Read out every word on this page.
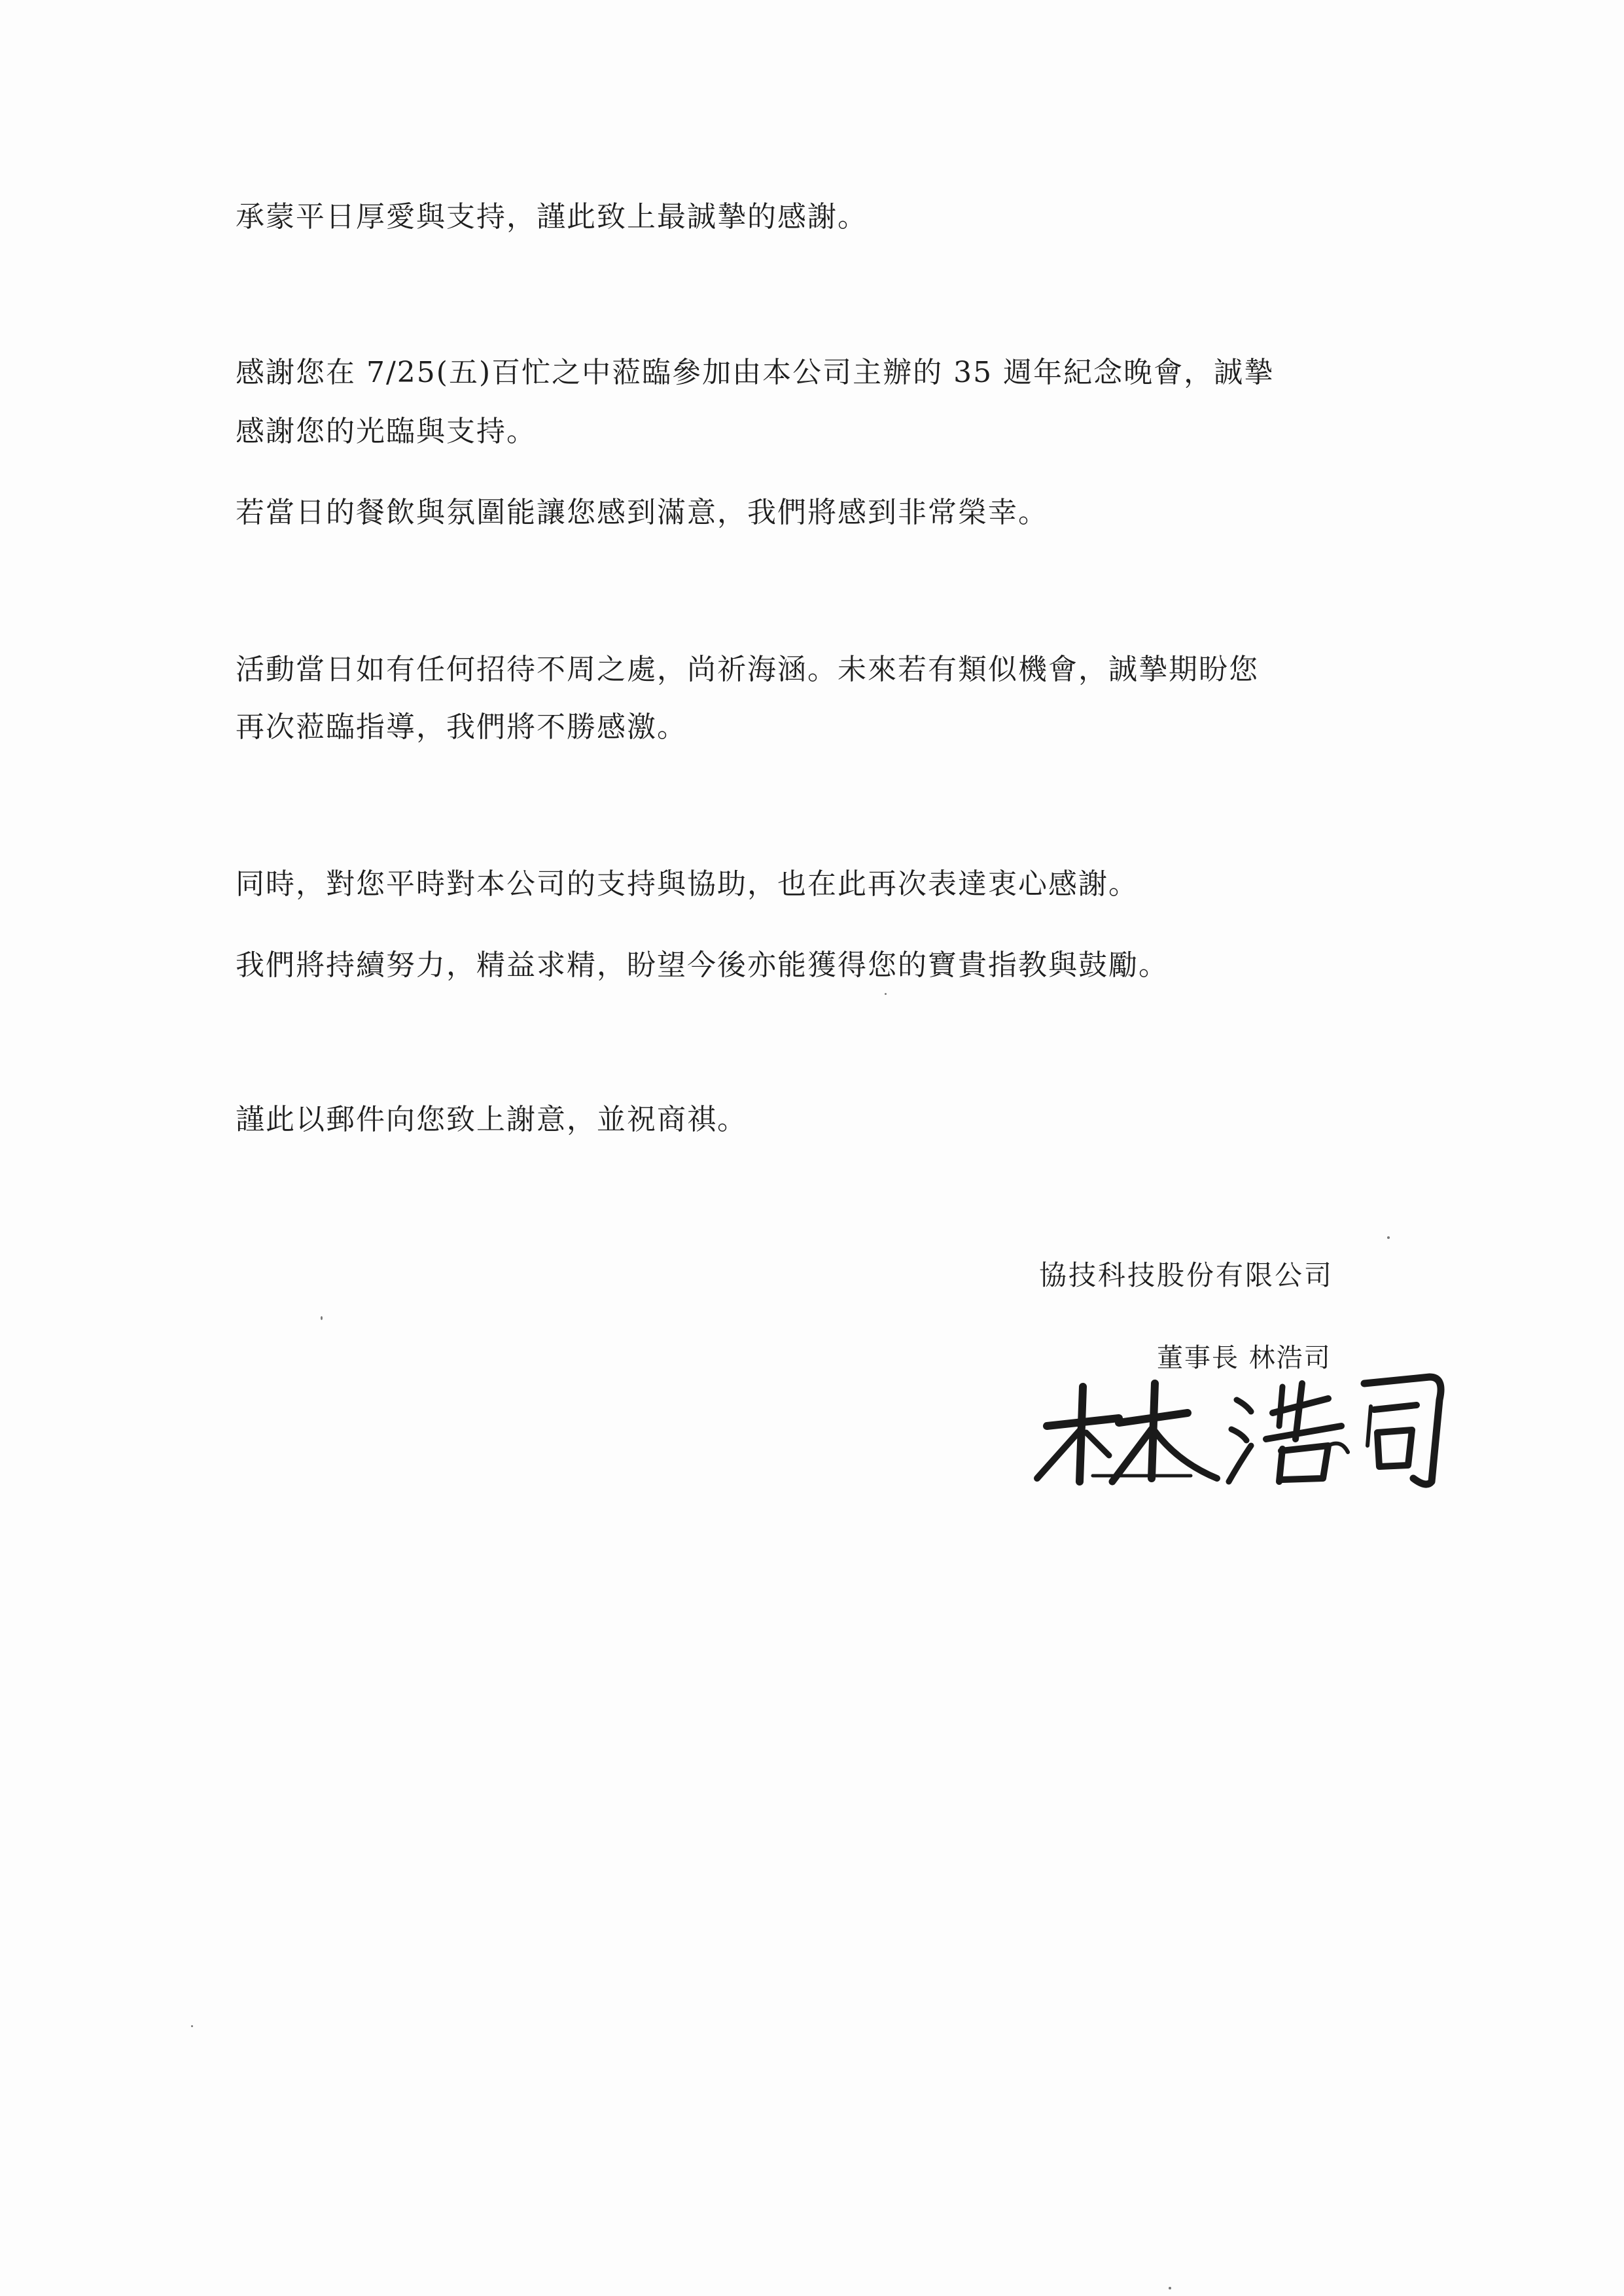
承蒙平日厚愛與支持，謹此致上最誠摯的感謝。
感謝您在 7/25(五)百忙之中蒞臨參加由本公司主辦的 35 週年紀念晚會，誠摯
感謝您的光臨與支持。
若當日的餐飲與氛圍能讓您感到滿意，我們將感到非常榮幸。
活動當日如有任何招待不周之處，尚祈海涵。未來若有類似機會，誠摯期盼您
再次蒞臨指導，我們將不勝感激。
同時，對您平時對本公司的支持與協助，也在此再次表達衷心感謝。
我們將持續努力，精益求精，盼望今後亦能獲得您的寶貴指教與鼓勵。
謹此以郵件向您致上謝意，並祝商祺。
協技科技股份有限公司
董事長 林浩司
